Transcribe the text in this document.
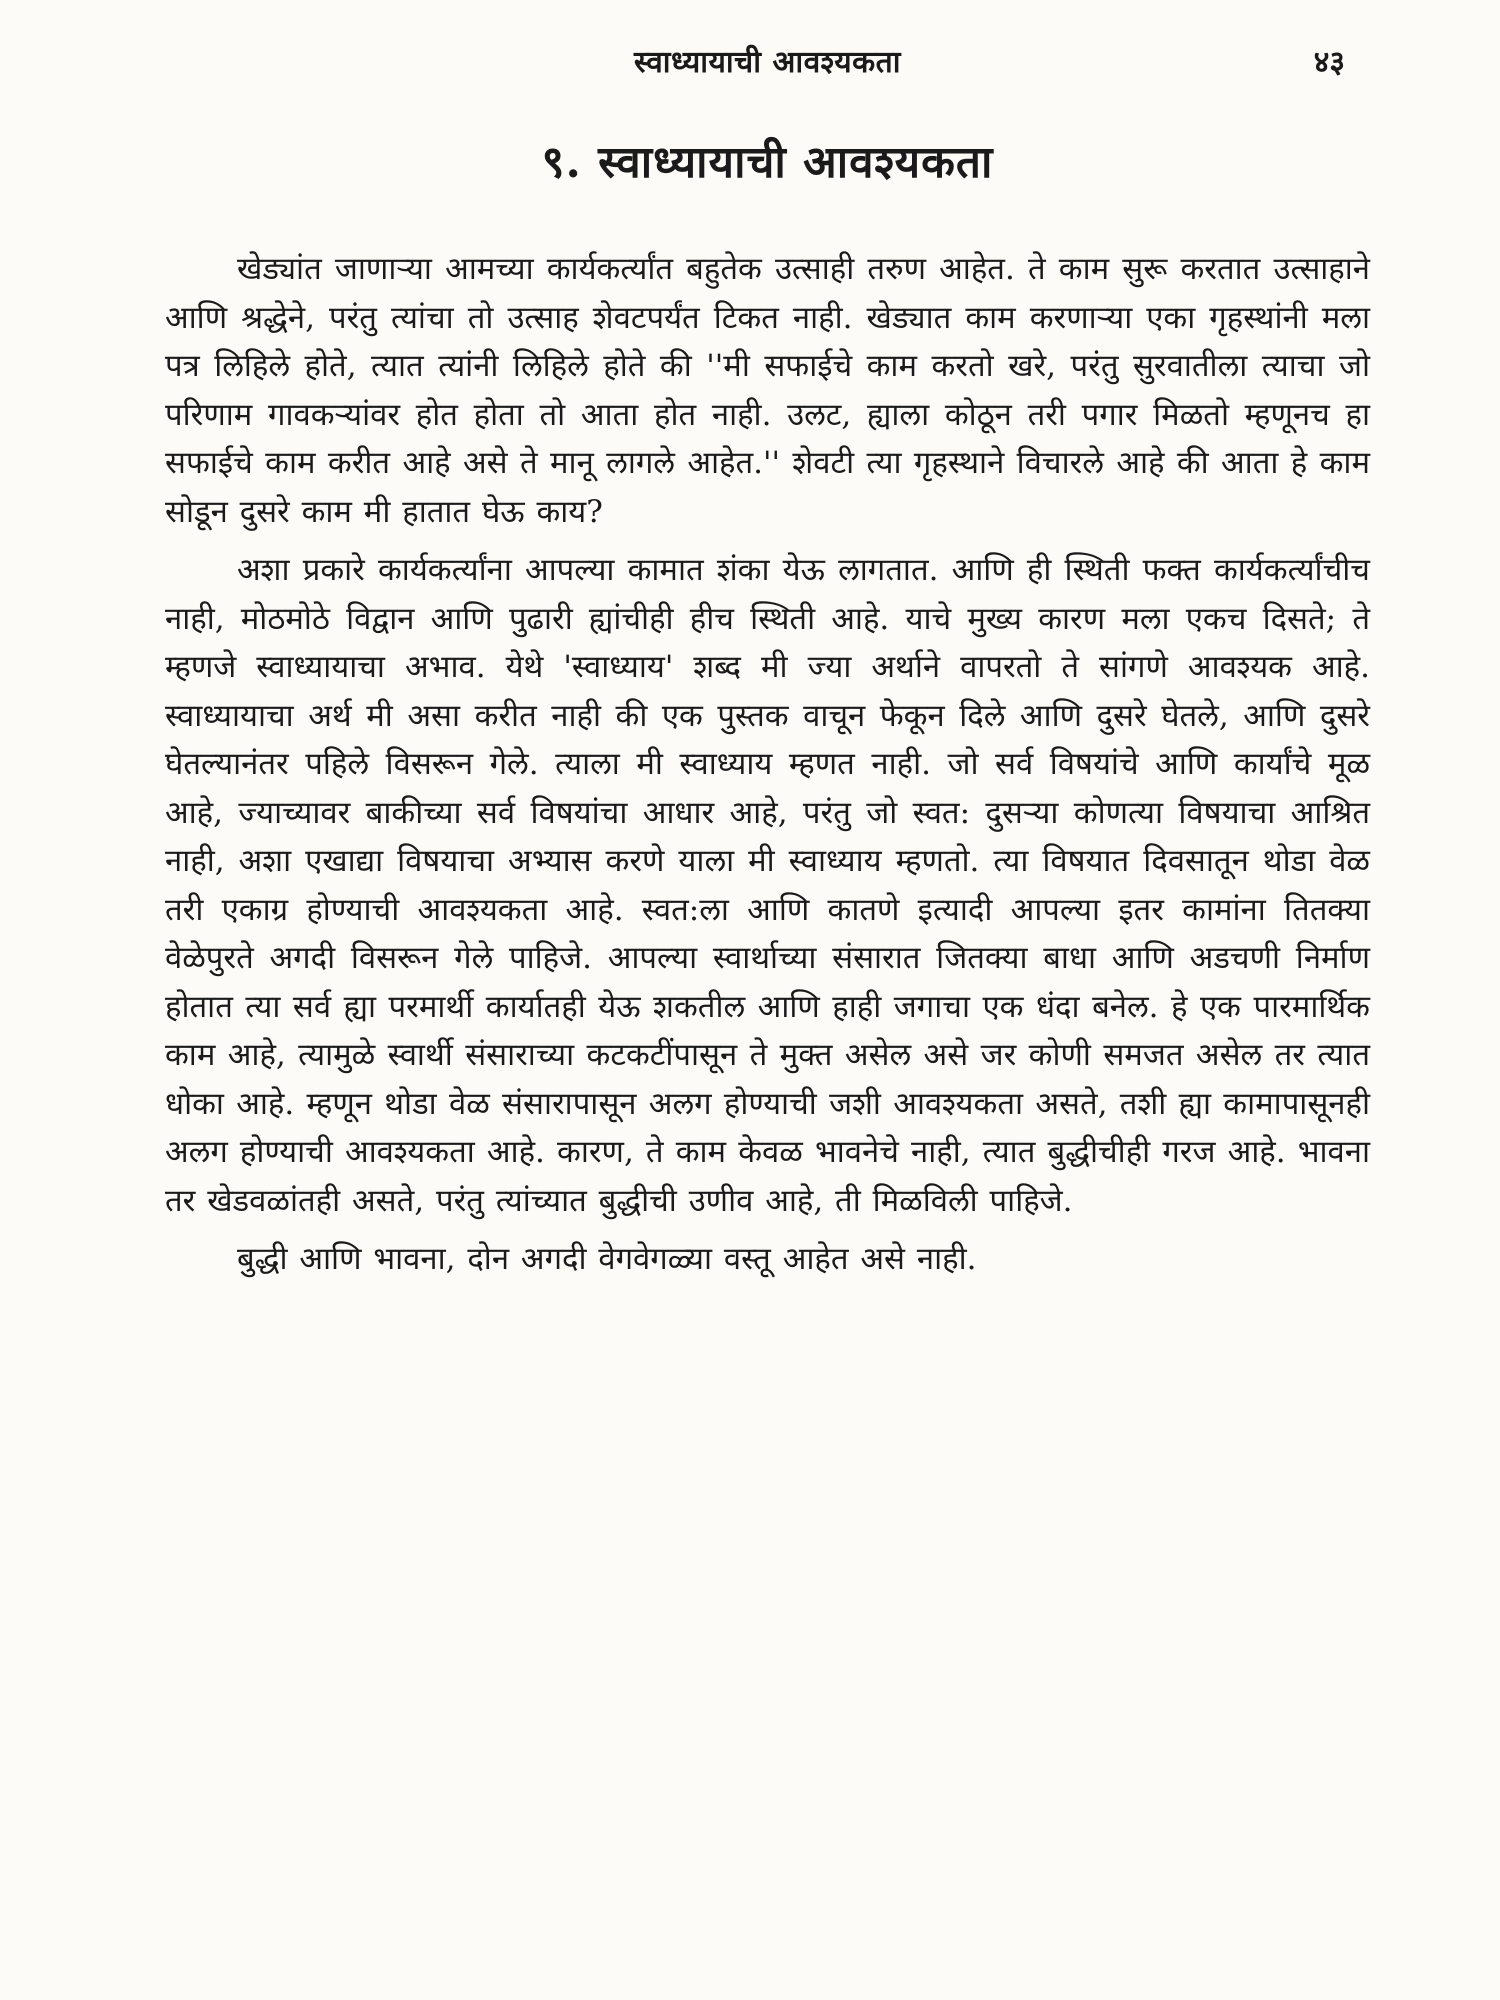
स्वाध्यायाची आवश्यकता	४३
९. स्वाध्यायाची आवश्यकता

खेड्यांत जाणाऱ्या आमच्या कार्यकर्त्यांत बहुतेक उत्साही तरुण आहेत. ते काम सुरू करतात उत्साहाने आणि श्रद्धेने, परंतु त्यांचा तो उत्साह शेवटपर्यंत टिकत नाही. खेड्यात काम करणाऱ्या एका गृहस्थांनी मला पत्र लिहिले होते, त्यात त्यांनी लिहिले होते की ''मी सफाईचे काम करतो खरे, परंतु सुरवातीला त्याचा जो परिणाम गावकऱ्यांवर होत होता तो आता होत नाही. उलट, ह्याला कोठून तरी पगार मिळतो म्हणूनच हा सफाईचे काम करीत आहे असे ते मानू लागले आहेत.'' शेवटी त्या गृहस्थाने विचारले आहे की आता हे काम सोडून दुसरे काम मी हातात घेऊ काय?

अशा प्रकारे कार्यकर्त्यांना आपल्या कामात शंका येऊ लागतात. आणि ही स्थिती फक्त कार्यकर्त्यांचीच नाही, मोठमोठे विद्वान आणि पुढारी ह्यांचीही हीच स्थिती आहे. याचे मुख्य कारण मला एकच दिसते; ते म्हणजे स्वाध्यायाचा अभाव. येथे 'स्वाध्याय' शब्द मी ज्या अर्थाने वापरतो ते सांगणे आवश्यक आहे. स्वाध्यायाचा अर्थ मी असा करीत नाही की एक पुस्तक वाचून फेकून दिले आणि दुसरे घेतले, आणि दुसरे घेतल्यानंतर पहिले विसरून गेले. त्याला मी स्वाध्याय म्हणत नाही. जो सर्व विषयांचे आणि कार्यांचे मूळ आहे, ज्याच्यावर बाकीच्या सर्व विषयांचा आधार आहे, परंतु जो स्वत: दुसऱ्या कोणत्या विषयाचा आश्रित नाही, अशा एखाद्या विषयाचा अभ्यास करणे याला मी स्वाध्याय म्हणतो. त्या विषयात दिवसातून थोडा वेळ तरी एकाग्र होण्याची आवश्यकता आहे. स्वत:ला आणि कातणे इत्यादी आपल्या इतर कामांना तितक्या वेळेपुरते अगदी विसरून गेले पाहिजे. आपल्या स्वार्थाच्या संसारात जितक्या बाधा आणि अडचणी निर्माण होतात त्या सर्व ह्या परमार्थी कार्यातही येऊ शकतील आणि हाही जगाचा एक धंदा बनेल. हे एक पारमार्थिक काम आहे, त्यामुळे स्वार्थी संसाराच्या कटकटींपासून ते मुक्त असेल असे जर कोणी समजत असेल तर त्यात धोका आहे. म्हणून थोडा वेळ संसारापासून अलग होण्याची जशी आवश्यकता असते, तशी ह्या कामापासूनही अलग होण्याची आवश्यकता आहे. कारण, ते काम केवळ भावनेचे नाही, त्यात बुद्धीचीही गरज आहे. भावना तर खेडवळांतही असते, परंतु त्यांच्यात बुद्धीची उणीव आहे, ती मिळविली पाहिजे.

बुद्धी आणि भावना, दोन अगदी वेगवेगळ्या वस्तू आहेत असे नाही.
